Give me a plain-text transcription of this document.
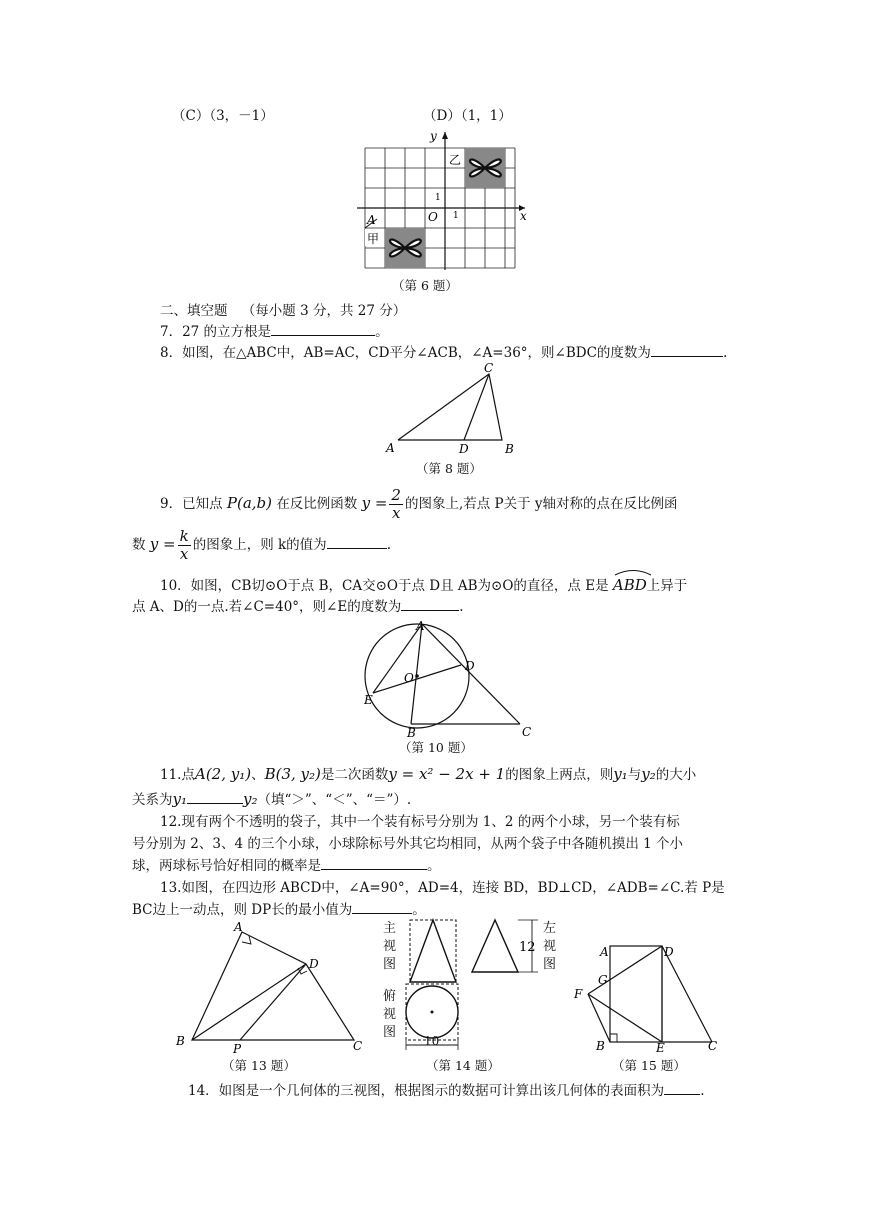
（C）（3，－1）	（D）（1，1）
y
x
O 1
1
乙
A
甲
（第 6 题）
二、填空题 （每小题 3 分，共 27 分）
7．27 的立方根是	。
8．如图，在△ABC中，AB=AC，CD平分∠ACB，∠A=36°，则∠BDC的度数为	.
C
A	D	B
（第 8 题）
9．已知点 P(a,b) 在反比例函数 $y = \frac{2}{x}$ 的图象上,若点 P关于 y轴对称的点在反比例函
数 $y = \frac{k}{x}$ 的图象上，则 k的值为	.
10．如图，CB切⊙O于点 B，CA交⊙O于点 D且 AB为⊙O的直径，点 E是 ABD上异于
点 A、D的一点.若∠C=40°，则∠E的度数为	.
A
D
O
E
B	C
（第 10 题）
11.点A(2, y₁)、B(3, y₂)是二次函数y = x² − 2x + 1的图象上两点，则y₁与y₂的大小
关系为y₁	y₂（填“＞”、“＜”、“＝”）.
12.现有两个不透明的袋子，其中一个装有标号分别为 1、2 的两个小球，另一个装有标
号分别为 2、3、4 的三个小球，小球除标号外其它均相同，从两个袋子中各随机摸出 1 个小
球，两球标号恰好相同的概率是	。
13.如图，在四边形 ABCD中，∠A=90°，AD=4，连接 BD，BD⊥CD，∠ADB=∠C.若 P是
BC边上一动点，则 DP长的最小值为	。
A
D
B
P	C
（第 13 题）
12
10
主视图
左视图
俯视图
（第 14 题）
A	D
G
F
B	E	C
（第 15 题）
14．如图是一个几何体的三视图，根据图示的数据可计算出该几何体的表面积为	.
